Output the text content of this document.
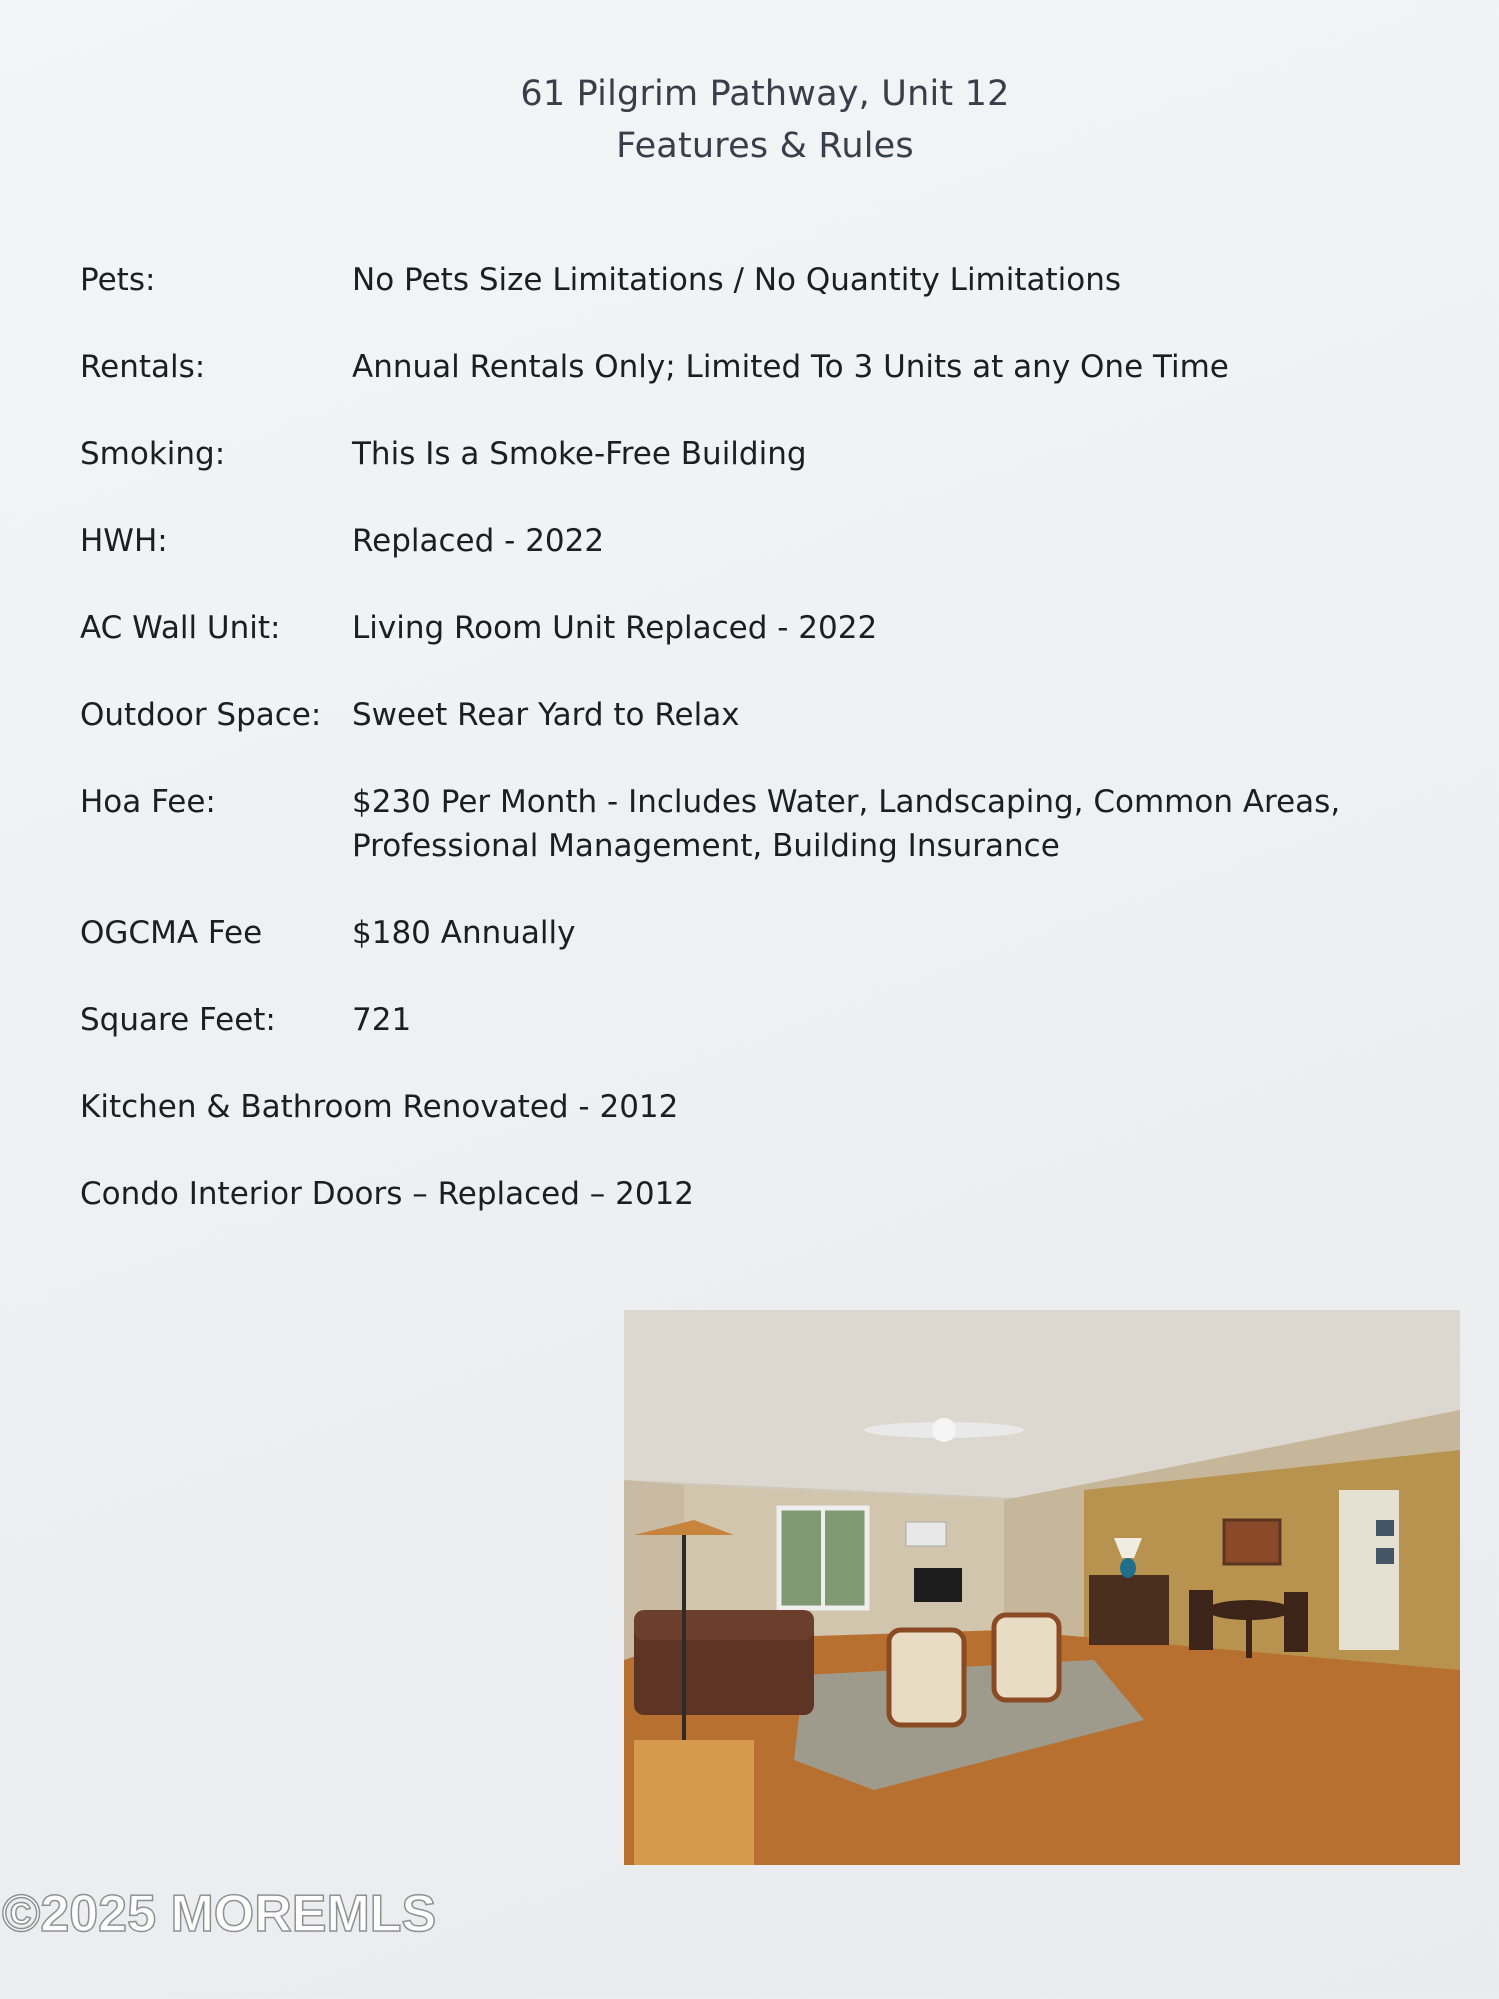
61 Pilgrim Pathway, Unit 12
Features & Rules
Pets:	No Pets Size Limitations / No Quantity Limitations
Rentals:	Annual Rentals Only; Limited To 3 Units at any One Time
Smoking:	This Is a Smoke-Free Building
HWH:	Replaced - 2022
AC Wall Unit:	Living Room Unit Replaced - 2022
Outdoor Space: Sweet Rear Yard to Relax
Hoa Fee:	$230 Per Month - Includes Water, Landscaping, Common Areas, Professional Management, Building Insurance
OGCMA Fee	$180 Annually
Square Feet:	721
Kitchen & Bathroom Renovated - 2012
Condo Interior Doors – Replaced – 2012
©2025 MOREMLS
